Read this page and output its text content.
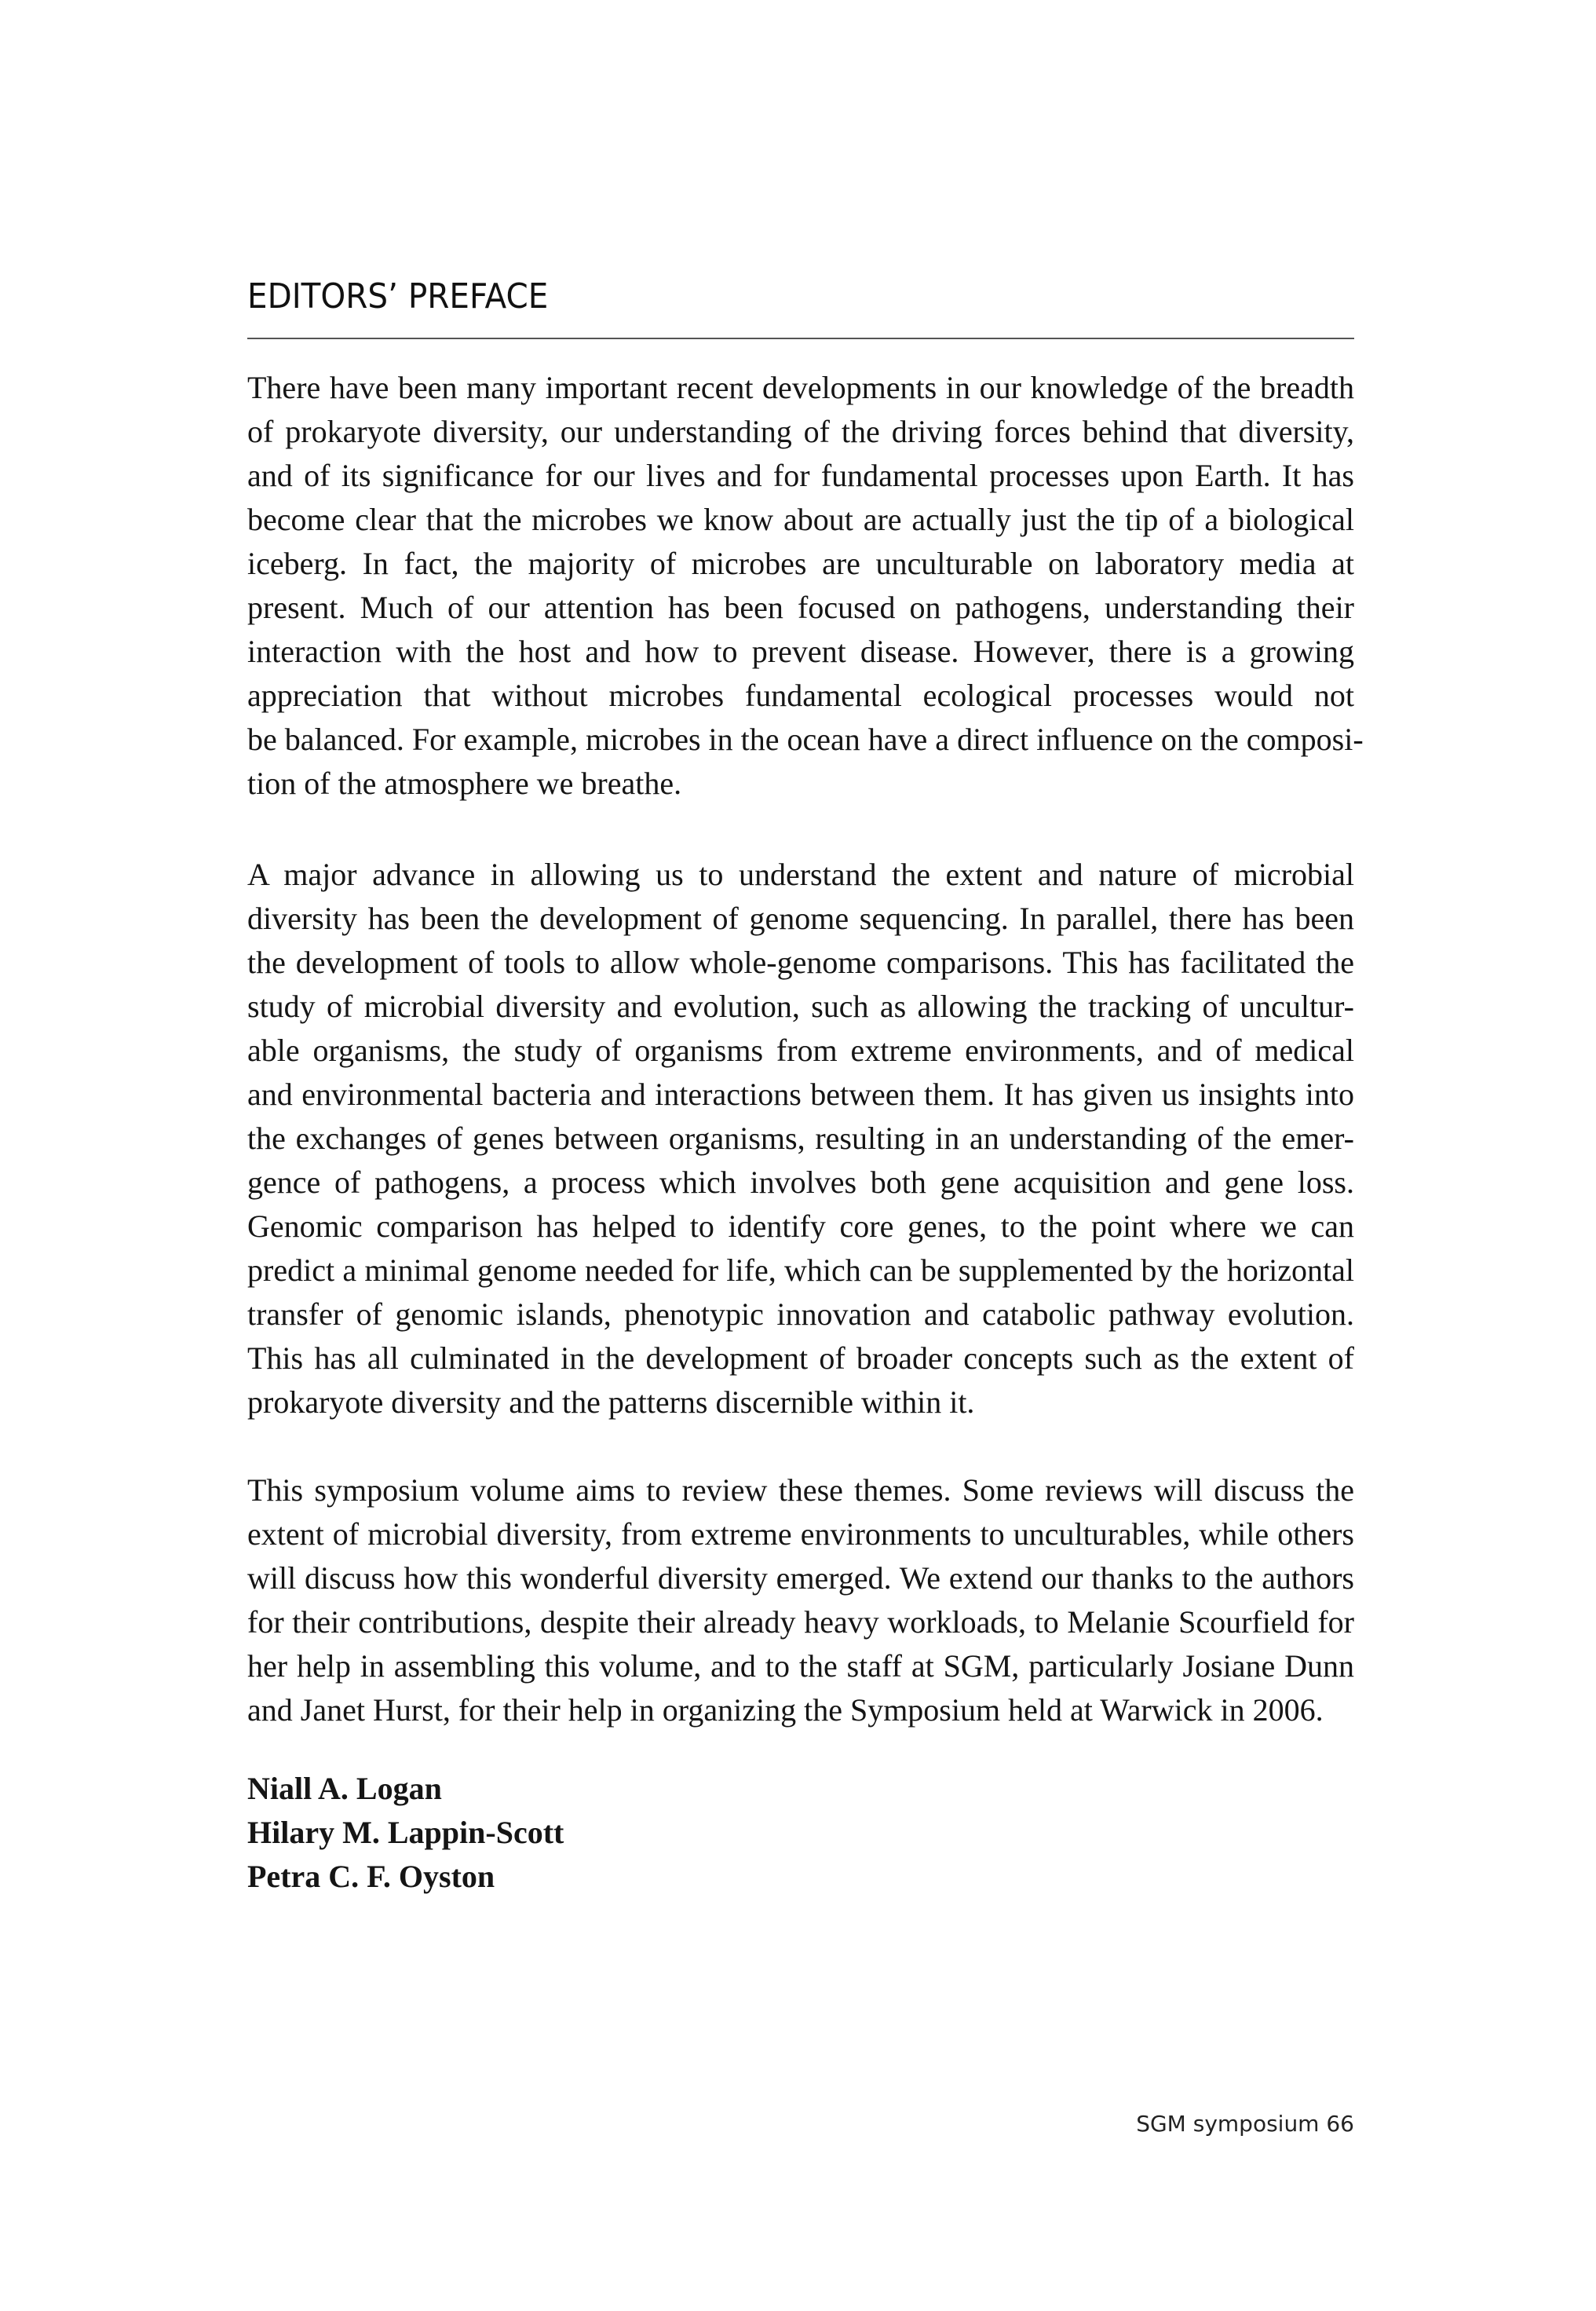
EDITORS’ PREFACE
There have been many important recent developments in our knowledge of the breadth
of prokaryote diversity, our understanding of the driving forces behind that diversity,
and of its significance for our lives and for fundamental processes upon Earth. It has
become clear that the microbes we know about are actually just the tip of a biological
iceberg. In fact, the majority of microbes are unculturable on laboratory media at
present. Much of our attention has been focused on pathogens, understanding their
interaction with the host and how to prevent disease. However, there is a growing
appreciation that without microbes fundamental ecological processes would not
be balanced. For example, microbes in the ocean have a direct influence on the composi-
tion of the atmosphere we breathe.
A major advance in allowing us to understand the extent and nature of microbial
diversity has been the development of genome sequencing. In parallel, there has been
the development of tools to allow whole-genome comparisons. This has facilitated the
study of microbial diversity and evolution, such as allowing the tracking of uncultur-
able organisms, the study of organisms from extreme environments, and of medical
and environmental bacteria and interactions between them. It has given us insights into
the exchanges of genes between organisms, resulting in an understanding of the emer-
gence of pathogens, a process which involves both gene acquisition and gene loss.
Genomic comparison has helped to identify core genes, to the point where we can
predict a minimal genome needed for life, which can be supplemented by the horizontal
transfer of genomic islands, phenotypic innovation and catabolic pathway evolution.
This has all culminated in the development of broader concepts such as the extent of
prokaryote diversity and the patterns discernible within it.
This symposium volume aims to review these themes. Some reviews will discuss the
extent of microbial diversity, from extreme environments to unculturables, while others
will discuss how this wonderful diversity emerged. We extend our thanks to the authors
for their contributions, despite their already heavy workloads, to Melanie Scourfield for
her help in assembling this volume, and to the staff at SGM, particularly Josiane Dunn
and Janet Hurst, for their help in organizing the Symposium held at Warwick in 2006.
Niall A. Logan
Hilary M. Lappin-Scott
Petra C. F. Oyston
SGM symposium 66
